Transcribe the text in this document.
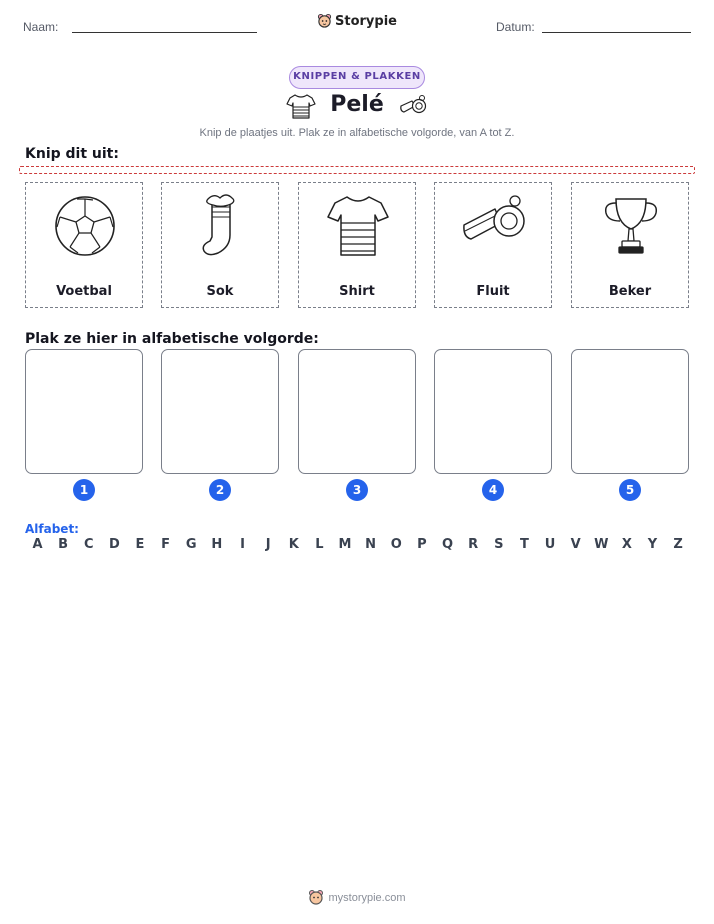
Naam:	Datum:
Storypie
KNIPPEN & PLAKKEN
Pelé
Knip de plaatjes uit. Plak ze in alfabetische volgorde, van A tot Z.
Knip dit uit:
Voetbal	Sok	Shirt	Fluit	Beker
Plak ze hier in alfabetische volgorde:
1	2	3	4	5
Alfabet:
A	B	C	D	E	F	G	H	I	J	K	L	M	N	O	P	Q	R	S	T	U	V	W	X	Y	Z
mystorypie.com
